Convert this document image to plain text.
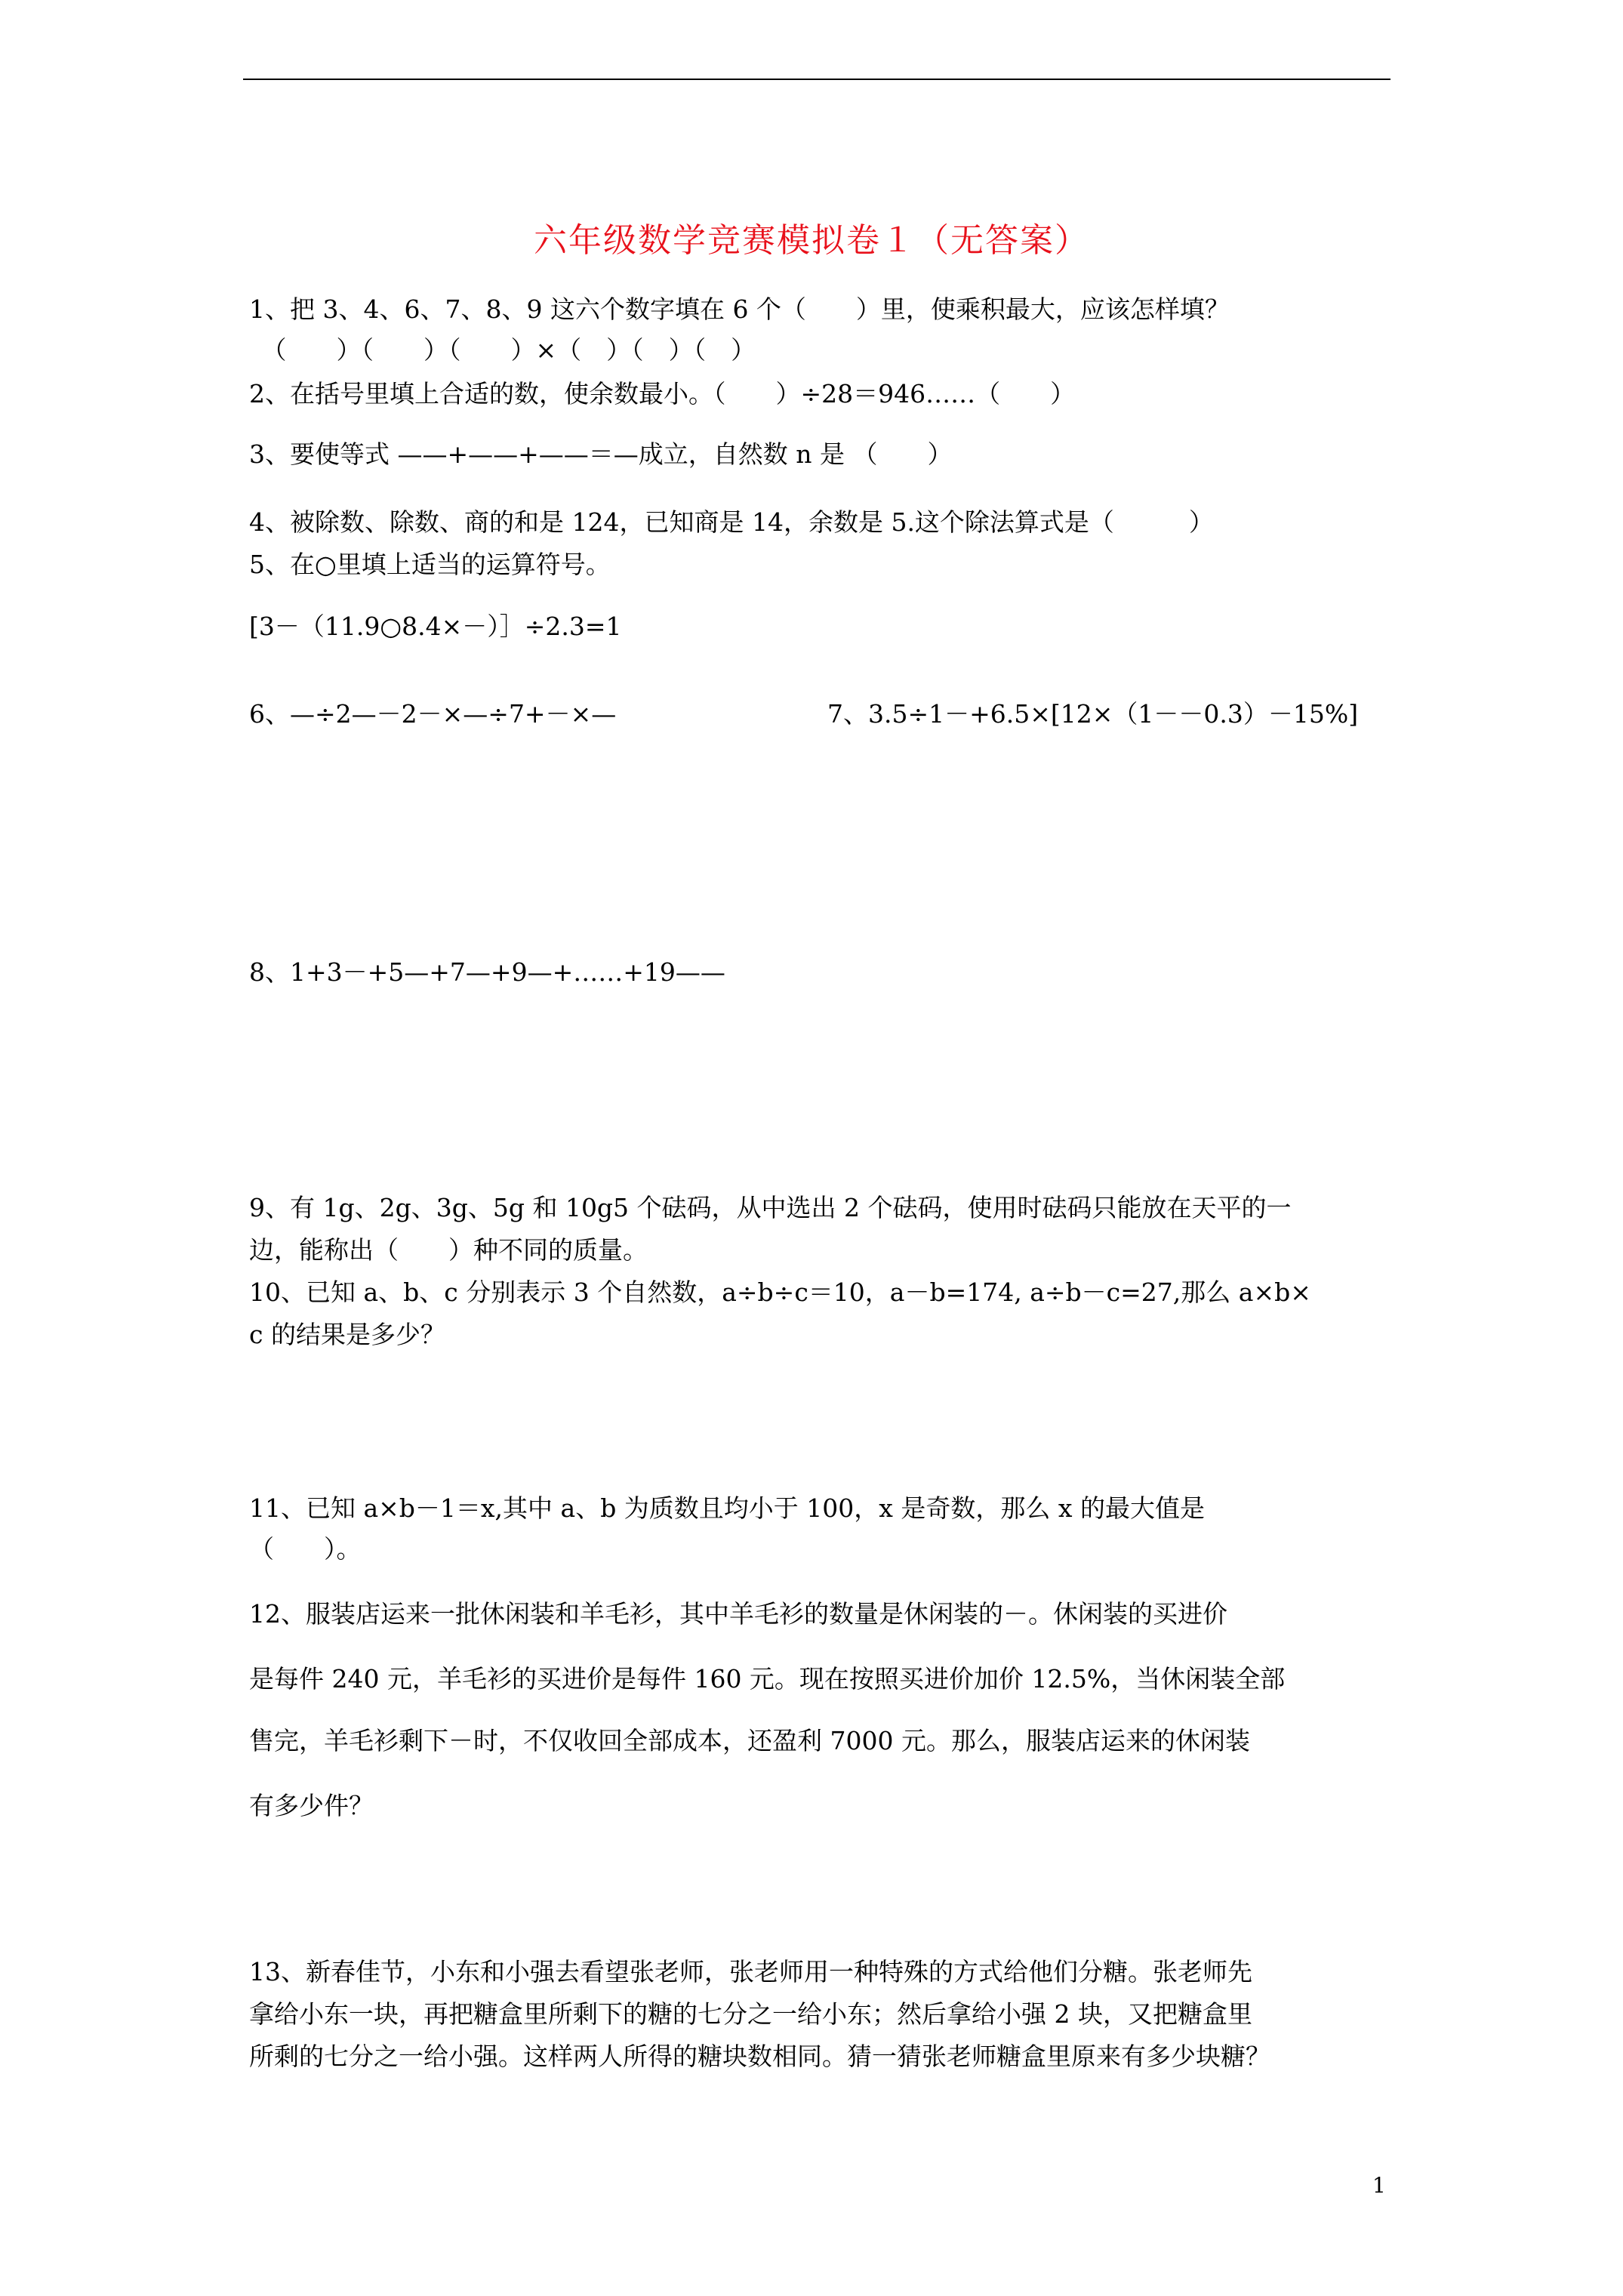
六年级数学竞赛模拟卷１（无答案）
1、把 3、4、6、7、8、9 这六个数字填在 6 个（　　）里，使乘积最大，应该怎样填？
　（　　）（　　）（　　）×（　）（　）（　）
2、在括号里填上合适的数，使余数最小。（　　）÷28＝946……（　　）
3、要使等式 ——+——+——＝—成立，自然数 n 是 （　　）
4、被除数、除数、商的和是 124，已知商是 14，余数是 5.这个除法算式是（　　　）
5、在○里填上适当的运算符号。
[3－（11.9○8.4×－）］÷2.3=1
6、—÷2—－2－×—÷7+－×—	7、3.5÷1－+6.5×[12×（1－－0.3）－15%]
8、1+3－+5—+7—+9—+……+19——
9、有 1g、2g、3g、5g 和 10g5 个砝码，从中选出 2 个砝码，使用时砝码只能放在天平的一
边，能称出（　　）种不同的质量。
10、已知 a、b、c 分别表示 3 个自然数，a÷b÷c＝10，a－b=174, a÷b－c=27,那么 a×b×
c 的结果是多少？
11、已知 a×b－1＝x,其中 a、b 为质数且均小于 100，x 是奇数，那么 x 的最大值是
（　　）。
12、服装店运来一批休闲装和羊毛衫，其中羊毛衫的数量是休闲装的－。休闲装的买进价
是每件 240 元，羊毛衫的买进价是每件 160 元。现在按照买进价加价 12.5%，当休闲装全部
售完，羊毛衫剩下－时，不仅收回全部成本，还盈利 7000 元。那么，服装店运来的休闲装
有多少件？
13、新春佳节，小东和小强去看望张老师，张老师用一种特殊的方式给他们分糖。张老师先
拿给小东一块，再把糖盒里所剩下的糖的七分之一给小东；然后拿给小强 2 块，又把糖盒里
所剩的七分之一给小强。这样两人所得的糖块数相同。猜一猜张老师糖盒里原来有多少块糖？
1
